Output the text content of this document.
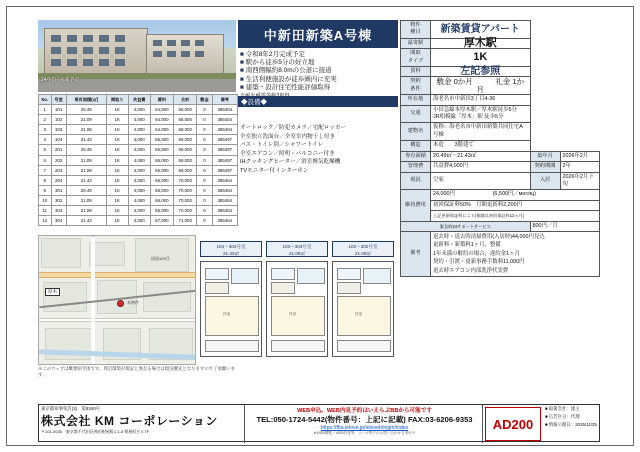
24年7月完成予定
中新田新築A号棟
■ 令和8年2月完成予定
■ 駅から徒歩5分の好立地
■ 南西側幅約8.0mの公道に接道
■ 生活利便施設が徒歩圏内に充実
■ 建築・設計住宅性能評価取得
No.	号室	専有面積(㎡)	間取り	共益費	賃料	合計	敷金	備考
1	101	20.49	1K	4,000	64,000	68,000	0	385404
2	102	21.09	1K	4,000	64,000	68,000	0	385404
3	103	21.08	1K	4,000	64,000	68,000	0	385404
4	104	21.43	1K	4,000	65,000	69,000	0	385497
5	201	20.49	1K	4,000	65,000	69,000	0	385497
6	202	21.09	1K	4,000	65,000	69,000	0	385497
7	203	21.08	1K	4,000	65,000	69,000	0	385497
8	204	21.43	1K	4,000	66,000	70,000	0	385464
9	301	20.49	1K	4,000	66,000	70,000	0	385464
10	302	21.09	1K	4,000	66,000	70,000	0	385464
11	303	21.08	1K	4,000	66,000	70,000	0	385464
12	304	21.43	1K	4,000	67,000	71,000	0	385464
◆設備◆
オートロック／防犯カメラ／宅配ロッカー
全室独立洗面台／全室室内物干し付き
バス・トイレ別／シャワートイレ
全室エアコン／照明・パルコニー付き
IHクッキングヒーター／浴室換気乾燥機
TVモニター付インターホン
厚木
本物件
国道129号
※このウェブは概要紹介図です。周辺環境が現況と異なる場合は現況優先となりますので了承願います。
104～304号室
21.43㎡
洋室
103～303号室
21.08㎡
洋室
102～302号室
21.09㎡
洋室
物件
種目	新築賃貸アパート		
最寄駅	厚木駅		

間取
タイプ	1K		
賃料	左記参照		

契約
条件	敷金 0か月　　　礼金 1か月		
所在地	海老名市中新田3丁目4-36		
交通	小田急線本厚木駅／厚木駅徒歩5分
JR相模線「厚木」駅 徒歩5分		
建物名	仮称：海老名市中新田新築共同住宅A号棟		
構造	木造　　3階建て		
専有面積	20.49㎡～21.43㎡	築年月	2026年2月
管理費	共益費4,000円	契約期間	2年
現況	空家	入居	2026年2月下旬
維持費用	24,000円　　　　　　　(6,500円／месяц)		
	初回保証料50%　月額更新料2,200円		
	上記更新保証料による(保険は初回保証料12ヵ月)		
緊急時24サポートサービス		800円／月	
備考	退去時・退去時清掃費用(入居時)44,000円見込
更新料・新築料1ヶ月、整備
1年未満の解約の場合、違約金1ヶ月
契約・引渡・更新事務手数料11,000円
退去時エアコン内部洗浄代実費		
東京都知事免許(3)　第9340号
株式会社 KM コーポレーション
〒101-0035　東京都千代田区神田紺屋町1-1-8 紺屋町ビル7F
WEB申込、WEB内見予約はいえらぶBBから可能です
TEL:050-1724-5442(物件番号：上記に記載) FAX:03-6206-9353
https://fba.ielove.jp/ieloveb/login/index
※WEB閲覧・WEB内見等、メール等でのお問い合わせも受付中
AD200
■ 取扱会社：建主
■ 広告区分：代理
■ 情報公開日：2025/11/25
